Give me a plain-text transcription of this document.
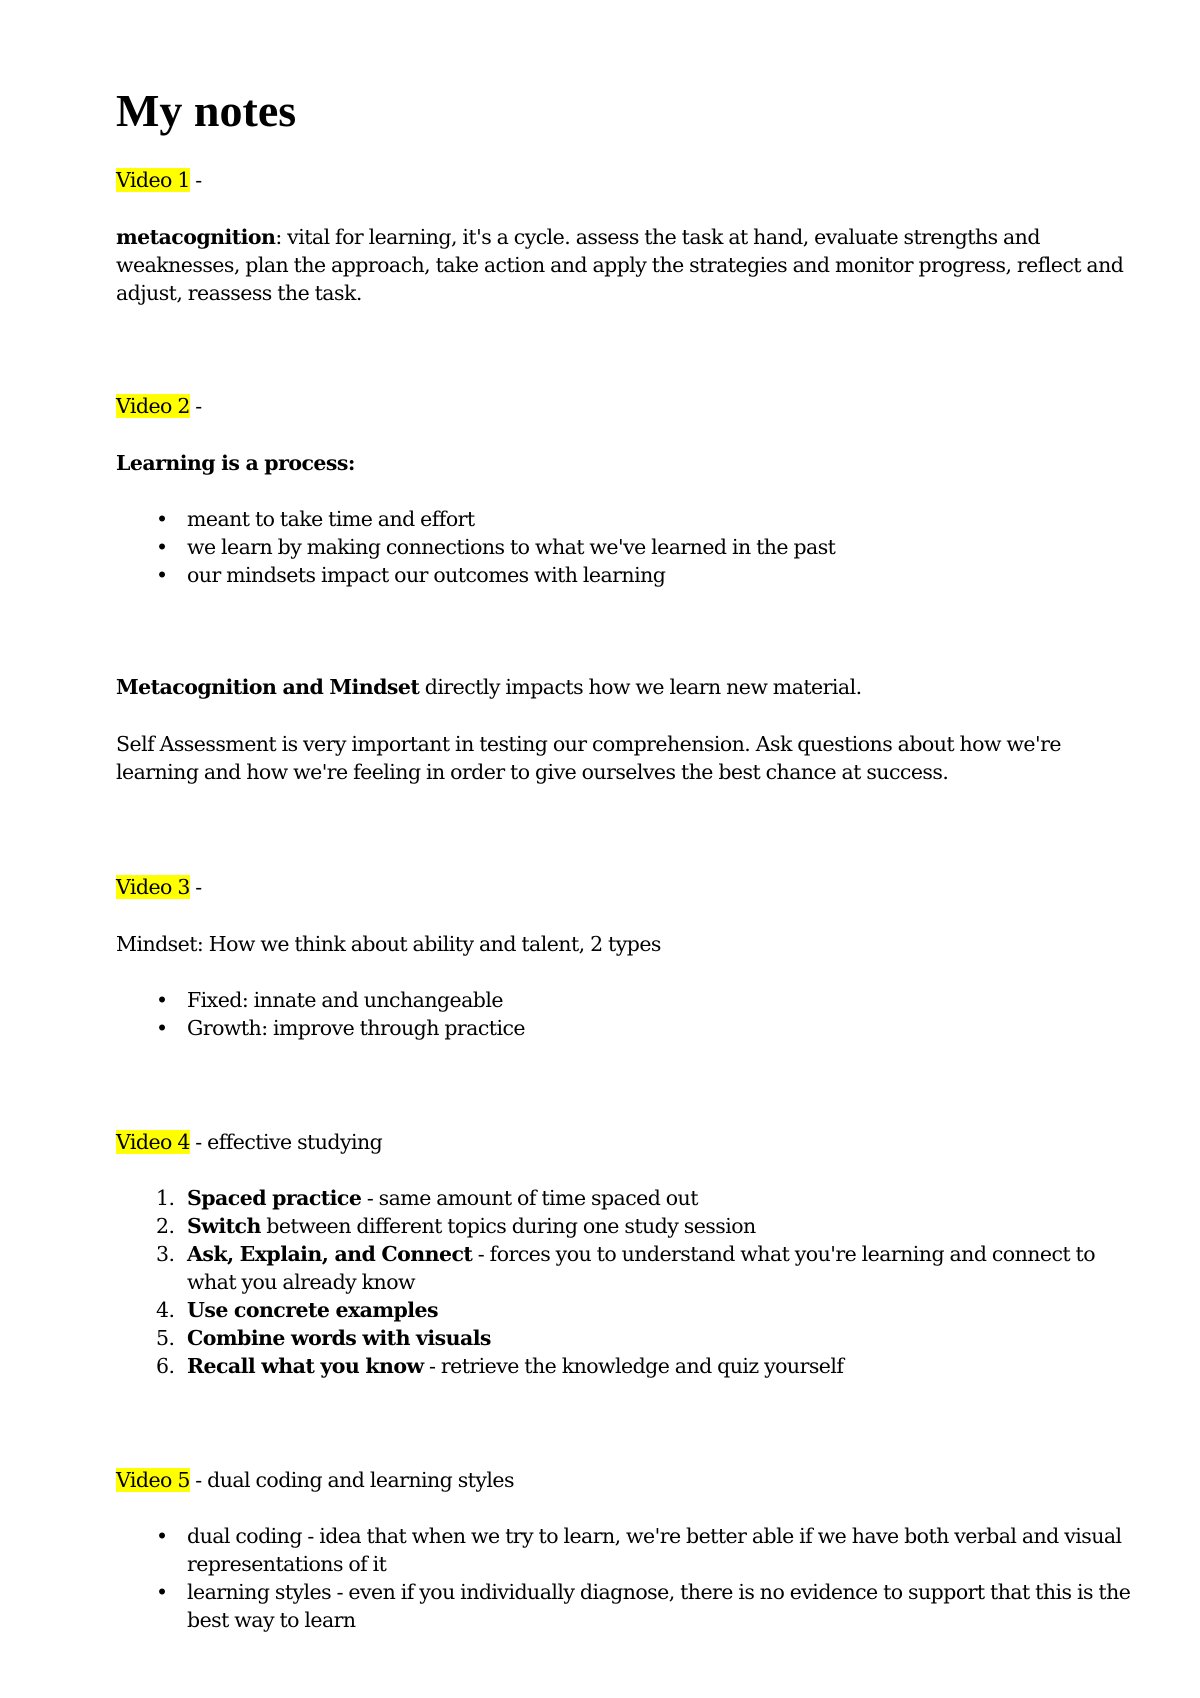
My notes
Video 1 -
metacognition: vital for learning, it's a cycle. assess the task at hand, evaluate strengths and weaknesses, plan the approach, take action and apply the strategies and monitor progress, reflect and adjust, reassess the task.
Video 2 -
Learning is a process:
• meant to take time and effort
• we learn by making connections to what we've learned in the past
• our mindsets impact our outcomes with learning
Metacognition and Mindset directly impacts how we learn new material.
Self Assessment is very important in testing our comprehension. Ask questions about how we're learning and how we're feeling in order to give ourselves the best chance at success.
Video 3 -
Mindset: How we think about ability and talent, 2 types
• Fixed: innate and unchangeable
• Growth: improve through practice
Video 4 - effective studying
1. Spaced practice - same amount of time spaced out
2. Switch between different topics during one study session
3. Ask, Explain, and Connect - forces you to understand what you're learning and connect to what you already know
4. Use concrete examples
5. Combine words with visuals
6. Recall what you know - retrieve the knowledge and quiz yourself
Video 5 - dual coding and learning styles
• dual coding - idea that when we try to learn, we're better able if we have both verbal and visual representations of it
• learning styles - even if you individually diagnose, there is no evidence to support that this is the best way to learn
